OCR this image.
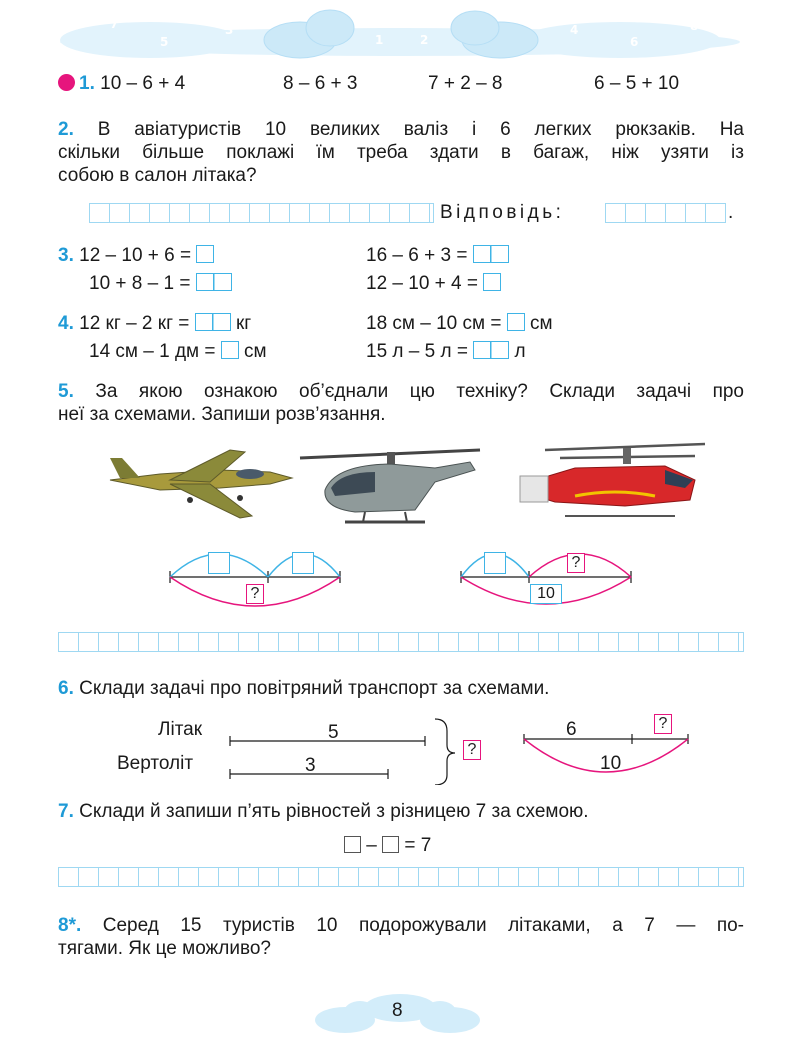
7
5
3
0
1	2
4
6
8
1. 10 – 6 + 4	8 – 6 + 3	7 + 2 – 8	6 – 5 + 10
2. В авіатуристів 10 великих валіз і 6 легких рюкзаків. На
скільки більше поклажі їм треба здати в багаж, ніж узяти із
собою в салон літака?
Відповідь:	.
3. 12 – 10 + 6 =	16 – 6 + 3 =
10 + 8 – 1 =	12 – 10 + 4 =
4. 12 кг – 2 кг = кг	18 см – 10 см = см
14 см – 1 дм = см	15 л – 5 л = л
5. За якою ознакою об’єднали цю техніку? Склади задачі про
неї за схемами. Запиши розв’язання.
?
?
10
6. Склади задачі про повітряний транспорт за схемами.
Літак
Вертоліт
5
3
?
6	?
10
7. Склади й запиши п’ять рівностей з різницею 7 за схемою.
– = 7
8*. Серед 15 туристів 10 подорожували літаками, а 7 — по-
тягами. Як це можливо?
8
